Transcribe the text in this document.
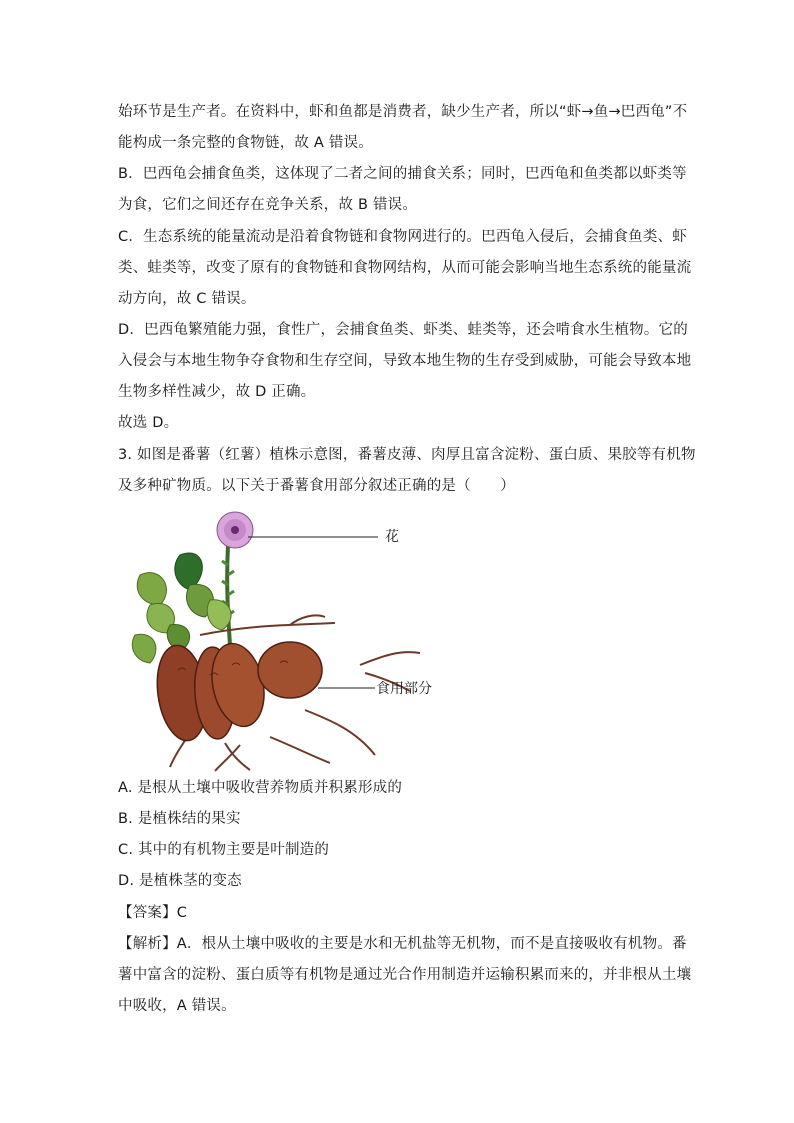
始环节是生产者。在资料中，虾和鱼都是消费者，缺少生产者，所以“虾→鱼→巴西龟”不
能构成一条完整的食物链，故 A 错误。
B．巴西龟会捕食鱼类，这体现了二者之间的捕食关系；同时，巴西龟和鱼类都以虾类等
为食，它们之间还存在竞争关系，故 B 错误。
C．生态系统的能量流动是沿着食物链和食物网进行的。巴西龟入侵后，会捕食鱼类、虾
类、蛙类等，改变了原有的食物链和食物网结构，从而可能会影响当地生态系统的能量流
动方向，故 C 错误。
D．巴西龟繁殖能力强，食性广，会捕食鱼类、虾类、蛙类等，还会啃食水生植物。它的
入侵会与本地生物争夺食物和生存空间，导致本地生物的生存受到威胁，可能会导致本地
生物多样性减少，故 D 正确。
故选 D。
3. 如图是番薯（红薯）植株示意图，番薯皮薄、肉厚且富含淀粉、蛋白质、果胶等有机物
及多种矿物质。以下关于番薯食用部分叙述正确的是（　　）
花
食用部分
A. 是根从土壤中吸收营养物质并积累形成的
B. 是植株结的果实
C. 其中的有机物主要是叶制造的
D. 是植株茎的变态
【答案】C
【解析】A．根从土壤中吸收的主要是水和无机盐等无机物，而不是直接吸收有机物。番
薯中富含的淀粉、蛋白质等有机物是通过光合作用制造并运输积累而来的，并非根从土壤
中吸收，A 错误。
